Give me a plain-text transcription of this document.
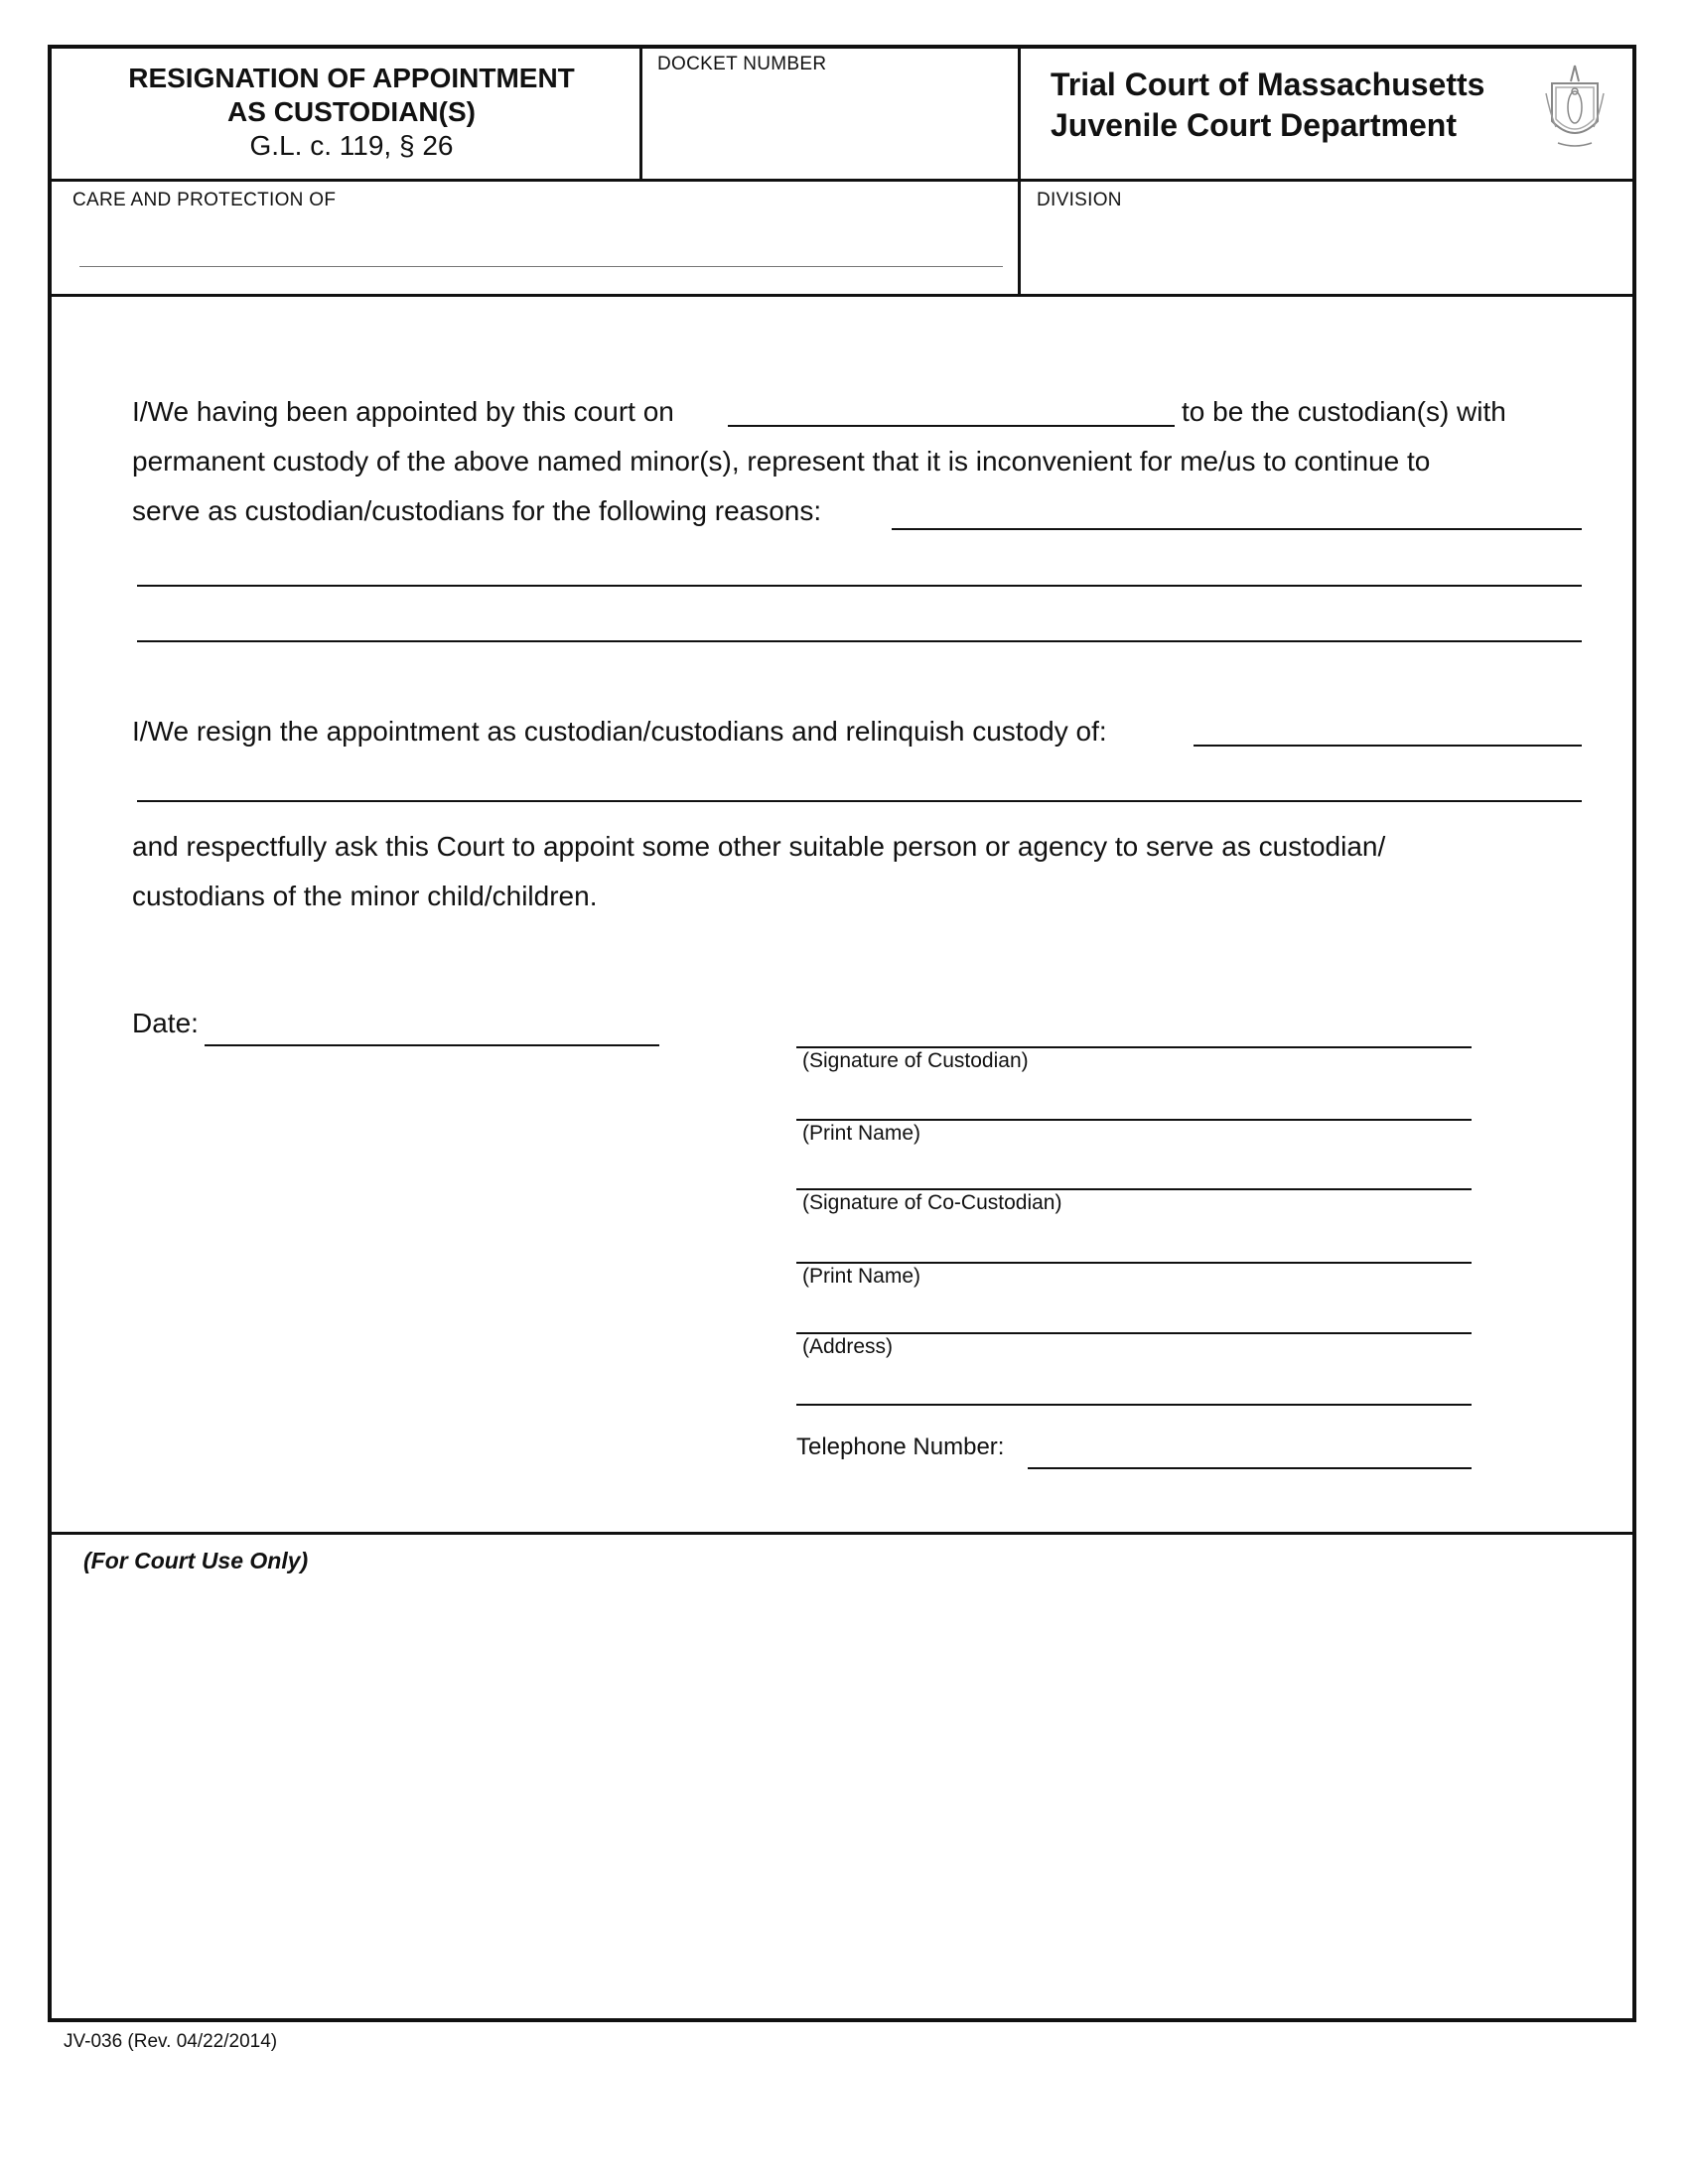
RESIGNATION OF APPOINTMENT
AS CUSTODIAN(S)
G.L. c. 119, § 26
DOCKET NUMBER
Trial Court of Massachusetts
Juvenile Court Department
CARE AND PROTECTION OF	DIVISION
I/We having been appointed by this court on	to be the custodian(s) with
permanent custody of the above named minor(s), represent that it is inconvenient for me/us to continue to
serve as custodian/custodians for the following reasons:
I/We resign the appointment as custodian/custodians and relinquish custody of:
and respectfully ask this Court to appoint some other suitable person or agency to serve as custodian/
custodians of the minor child/children.
Date:
(Signature of Custodian)
(Print Name)
(Signature of Co-Custodian)
(Print Name)
(Address)
Telephone Number:
(For Court Use Only)
JV-036 (Rev. 04/22/2014)
